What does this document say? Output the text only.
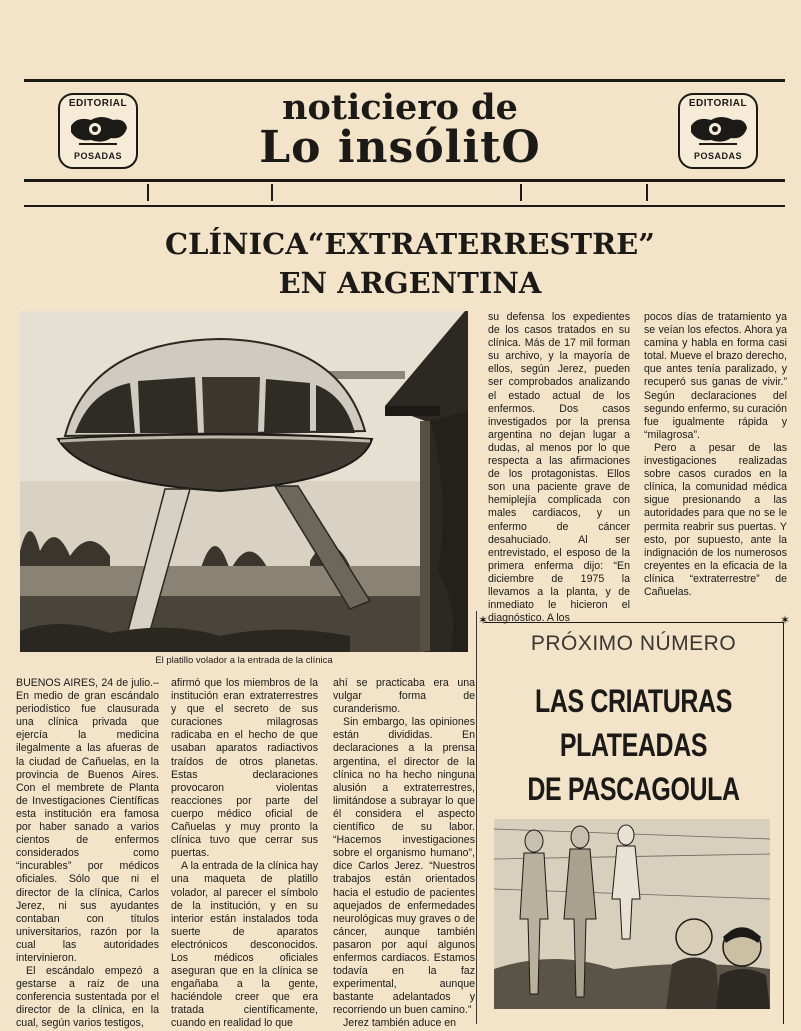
EDITORIAL
POSADAS
noticiero de
Lo insólitO
EDITORIAL
POSADAS
CLÍNICA“EXTRATERRESTRE”
EN ARGENTINA
El platillo volador a la entrada de la clínica

BUENOS AIRES, 24 de julio.– En medio de gran escándalo periodístico fue clausurada una clínica privada que ejercía la medicina ilegalmente a las afueras de la ciudad de Cañuelas, en la provincia de Buenos Aires. Con el membrete de Planta de Investigaciones Científicas esta institución era famosa por haber sanado a varios cientos de enfermos considerados como “incurables” por médicos oficiales. Sólo que ni el director de la clínica, Carlos Jerez, ni sus ayudantes contaban con títulos universitarios, razón por la cual las autoridades intervinieron.

El escándalo empezó a gestarse a raíz de una conferencia sustentada por el director de la clínica, en la cual, según varios testigos,

afirmó que los miembros de la institución eran extraterrestres y que el secreto de sus curaciones milagrosas radicaba en el hecho de que usaban aparatos radiactivos traídos de otros planetas. Estas declaraciones provocaron violentas reacciones por parte del cuerpo médico oficial de Cañuelas y muy pronto la clínica tuvo que cerrar sus puertas.

A la entrada de la clínica hay una maqueta de platillo volador, al parecer el símbolo de la institución, y en su interior están instalados toda suerte de aparatos electrónicos desconocidos. Los médicos oficiales aseguran que en la clínica se engañaba a la gente, haciéndole creer que era tratada científicamente, cuando en realidad lo que

ahí se practicaba era una vulgar forma de curanderismo.

Sin embargo, las opiniones están divididas. En declaraciones a la prensa argentina, el director de la clínica no ha hecho ninguna alusión a extraterrestres, limitándose a subrayar lo que él considera el aspecto científico de su labor. “Hacemos investigaciones sobre el organismo humano”, dice Carlos Jerez. “Nuestros trabajos están orientados hacia el estudio de pacientes aquejados de enfermedades neurológicas muy graves o de cáncer, aunque también pasaron por aquí algunos enfermos cardiacos. Estamos todavía en la faz experimental, aunque bastante adelantados y recorriendo un buen camino.”

Jerez también aduce en

su defensa los expedientes de los casos tratados en su clínica. Más de 17 mil forman su archivo, y la mayoría de ellos, según Jerez, pueden ser comprobados analizando el estado actual de los enfermos. Dos casos investigados por la prensa argentina no dejan lugar a dudas, al menos por lo que respecta a las afirmaciones de los protagonistas. Ellos son una paciente grave de hemiplejía complicada con males cardiacos, y un enfermo de cáncer desahuciado. Al ser entrevistado, el esposo de la primera enferma dijo: “En diciembre de 1975 la llevamos a la planta, y de inmediato le hicieron el diagnóstico. A los

pocos días de tratamiento ya se veían los efectos. Ahora ya camina y habla en forma casi total. Mueve el brazo derecho, que antes tenía paralizado, y recuperó sus ganas de vivir.” Según declaraciones del segundo enfermo, su curación fue igualmente rápida y “milagrosa”.

Pero a pesar de las investigaciones realizadas sobre casos curados en la clínica, la comunidad médica sigue presionando a las autoridades para que no se le permita reabrir sus puertas. Y esto, por supuesto, ante la indignación de los numerosos creyentes en la eficacia de la clínica “extraterrestre” de Cañuelas.

✶	✶
PRÓXIMO NÚMERO
LAS CRIATURAS
PLATEADAS
DE PASCAGOULA
